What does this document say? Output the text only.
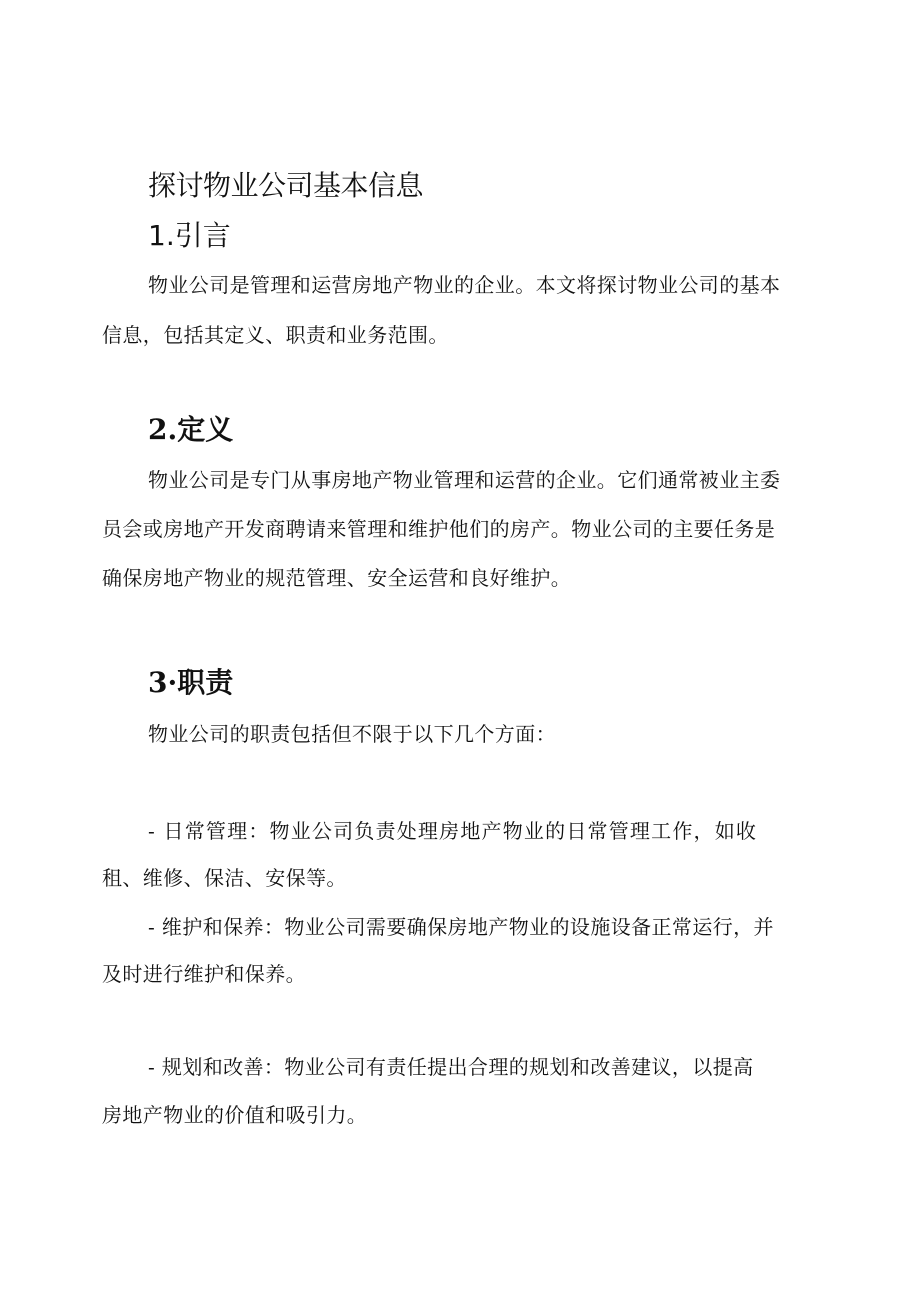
探讨物业公司基本信息
1.引言

物业公司是管理和运营房地产物业的企业。本文将探讨物业公司的基本

信息，包括其定义、职责和业务范围。

2.定义

物业公司是专门从事房地产物业管理和运营的企业。它们通常被业主委

员会或房地产开发商聘请来管理和维护他们的房产。物业公司的主要任务是

确保房地产物业的规范管理、安全运营和良好维护。

3·职责

物业公司的职责包括但不限于以下几个方面：

- 日常管理：物业公司负责处理房地产物业的日常管理工作，如收

租、维修、保洁、安保等。

- 维护和保养：物业公司需要确保房地产物业的设施设备正常运行，并

及时进行维护和保养。

- 规划和改善：物业公司有责任提出合理的规划和改善建议，以提高

房地产物业的价值和吸引力。
